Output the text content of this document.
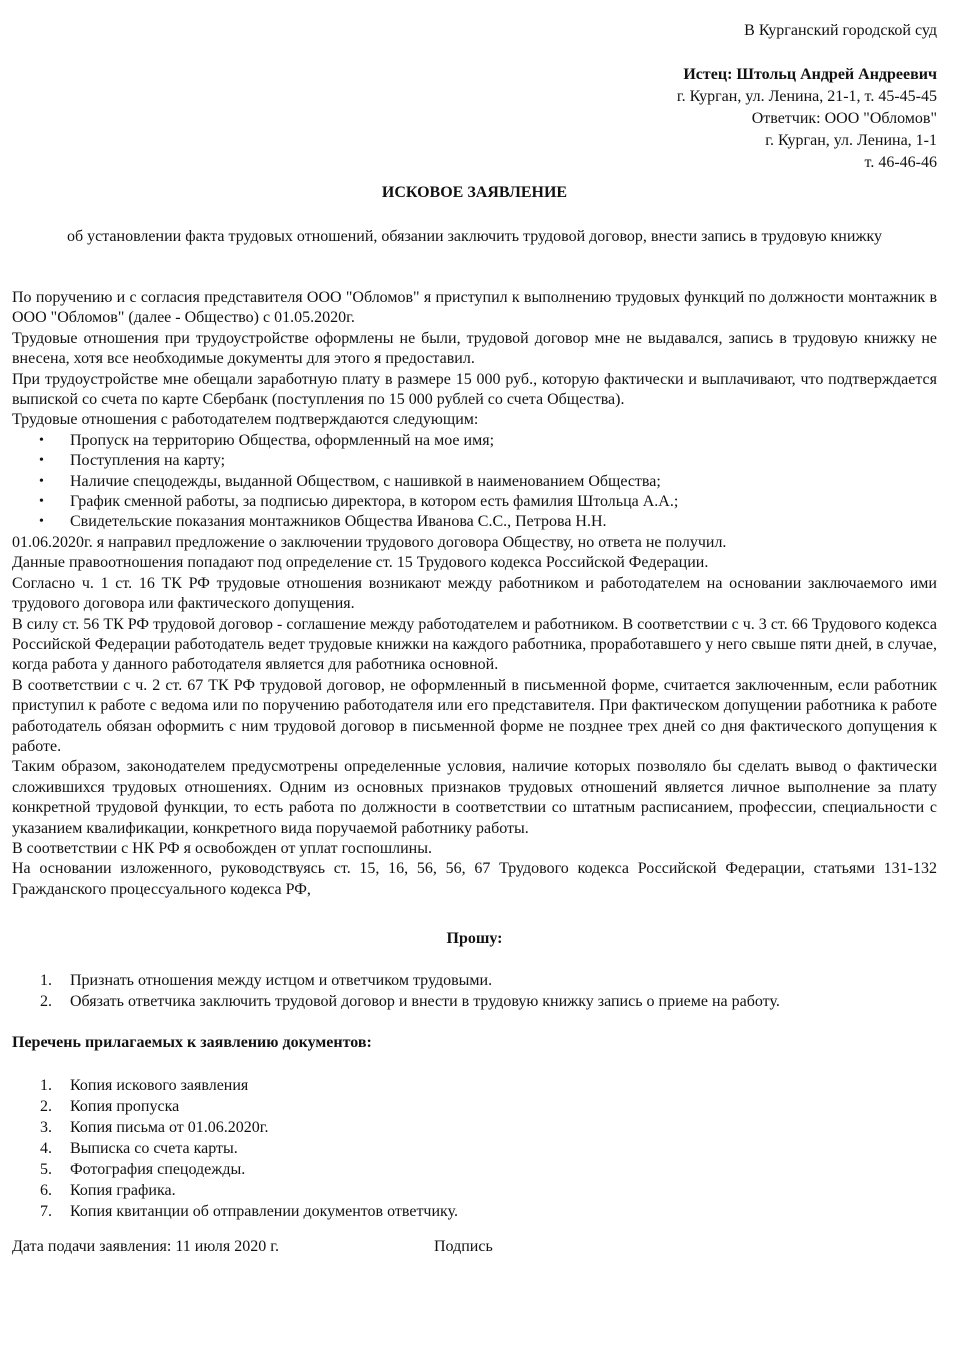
В Курганский городской суд
Истец: Штольц Андрей Андреевич
г. Курган, ул. Ленина, 21-1, т. 45-45-45
Ответчик: ООО "Обломов"
г. Курган, ул. Ленина, 1-1
т. 46-46-46
ИСКОВОЕ ЗАЯВЛЕНИЕ
об установлении факта трудовых отношений, обязании заключить трудовой договор, внести запись в трудовую книжку

По поручению и с согласия представителя ООО "Обломов" я приступил к выполнению трудовых функций по должности монтажник в ООО "Обломов" (далее - Общество) с 01.05.2020г.

Трудовые отношения при трудоустройстве оформлены не были, трудовой договор мне не выдавался, запись в трудовую книжку не внесена, хотя все необходимые документы для этого я предоставил.

При трудоустройстве мне обещали заработную плату в размере 15 000 руб., которую фактически и выплачивают, что подтверждается выпиской со счета по карте Сбербанк (поступления по 15 000 рублей со счета Общества).

Трудовые отношения с работодателем подтверждаются следующим:

• Пропуск на территорию Общества, оформленный на мое имя;
• Поступления на карту;
• Наличие спецодежды, выданной Обществом, с нашивкой в наименованием Общества;
• График сменной работы, за подписью директора, в котором есть фамилия Штольца А.А.;
• Свидетельские показания монтажников Общества Иванова С.С., Петрова Н.Н.

01.06.2020г. я направил предложение о заключении трудового договора Обществу, но ответа не получил.

Данные правоотношения попадают под определение ст. 15 Трудового кодекса Российской Федерации.

Согласно ч. 1 ст. 16 ТК РФ трудовые отношения возникают между работником и работодателем на основании заключаемого ими трудового договора или фактического допущения.

В силу ст. 56 ТК РФ трудовой договор - соглашение между работодателем и работником. В соответствии с ч. 3 ст. 66 Трудового кодекса Российской Федерации работодатель ведет трудовые книжки на каждого работника, проработавшего у него свыше пяти дней, в случае, когда работа у данного работодателя является для работника основной.

В соответствии с ч. 2 ст. 67 ТК РФ трудовой договор, не оформленный в письменной форме, считается заключенным, если работник приступил к работе с ведома или по поручению работодателя или его представителя. При фактическом допущении работника к работе работодатель обязан оформить с ним трудовой договор в письменной форме не позднее трех дней со дня фактического допущения к работе.

Таким образом, законодателем предусмотрены определенные условия, наличие которых позволяло бы сделать вывод о фактически сложившихся трудовых отношениях. Одним из основных признаков трудовых отношений является личное выполнение за плату конкретной трудовой функции, то есть работа по должности в соответствии со штатным расписанием, профессии, специальности с указанием квалификации, конкретного вида поручаемой работнику работы.

В соответствии с НК РФ я освобожден от уплат госпошлины.

На основании изложенного, руководствуясь ст. 15, 16, 56, 56, 67 Трудового кодекса Российской Федерации, статьями 131-132 Гражданского процессуального кодекса РФ,

Прошу:
1. Признать отношения между истцом и ответчиком трудовыми.
2. Обязать ответчика заключить трудовой договор и внести в трудовую книжку запись о приеме на работу.
Перечень прилагаемых к заявлению документов:
1. Копия искового заявления
2. Копия пропуска
3. Копия письма от 01.06.2020г.
4. Выписка со счета карты.
5. Фотография спецодежды.
6. Копия графика.
7. Копия квитанции об отправлении документов ответчику.
Дата подачи заявления: 11 июля 2020 г.	Подпись
